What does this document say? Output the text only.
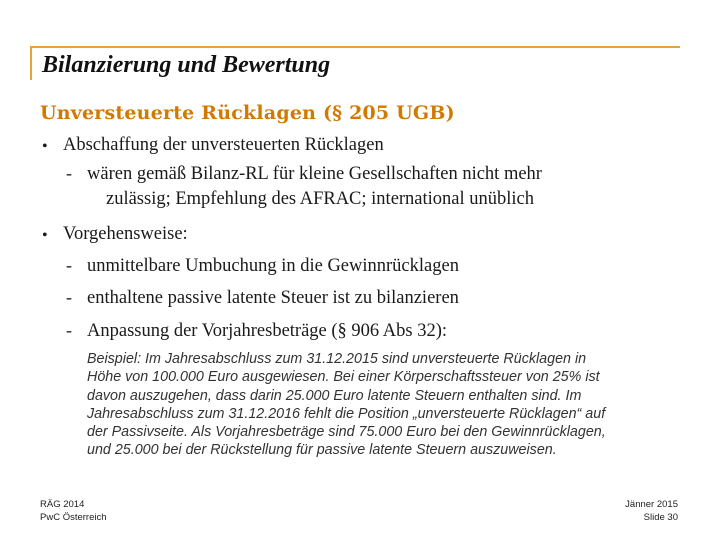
Bilanzierung und Bewertung
Unversteuerte Rücklagen (§ 205 UGB)
• Abschaffung der unversteuerten Rücklagen
- wären gemäß Bilanz-RL für kleine Gesellschaften nicht mehr
zulässig; Empfehlung des AFRAC; international unüblich
• Vorgehensweise:
- unmittelbare Umbuchung in die Gewinnrücklagen
- enthaltene passive latente Steuer ist zu bilanzieren
- Anpassung der Vorjahresbeträge (§ 906 Abs 32):
Beispiel: Im Jahresabschluss zum 31.12.2015 sind unversteuerte Rücklagen in
Höhe von 100.000 Euro ausgewiesen. Bei einer Körperschaftssteuer von 25% ist
davon auszugehen, dass darin 25.000 Euro latente Steuern enthalten sind. Im
Jahresabschluss zum 31.12.2016 fehlt die Position „unversteuerte Rücklagen“ auf
der Passivseite. Als Vorjahresbeträge sind 75.000 Euro bei den Gewinnrücklagen,
und 25.000 bei der Rückstellung für passive latente Steuern auszuweisen.
RÄG 2014
PwC Österreich
Jänner 2015
Slide 30
